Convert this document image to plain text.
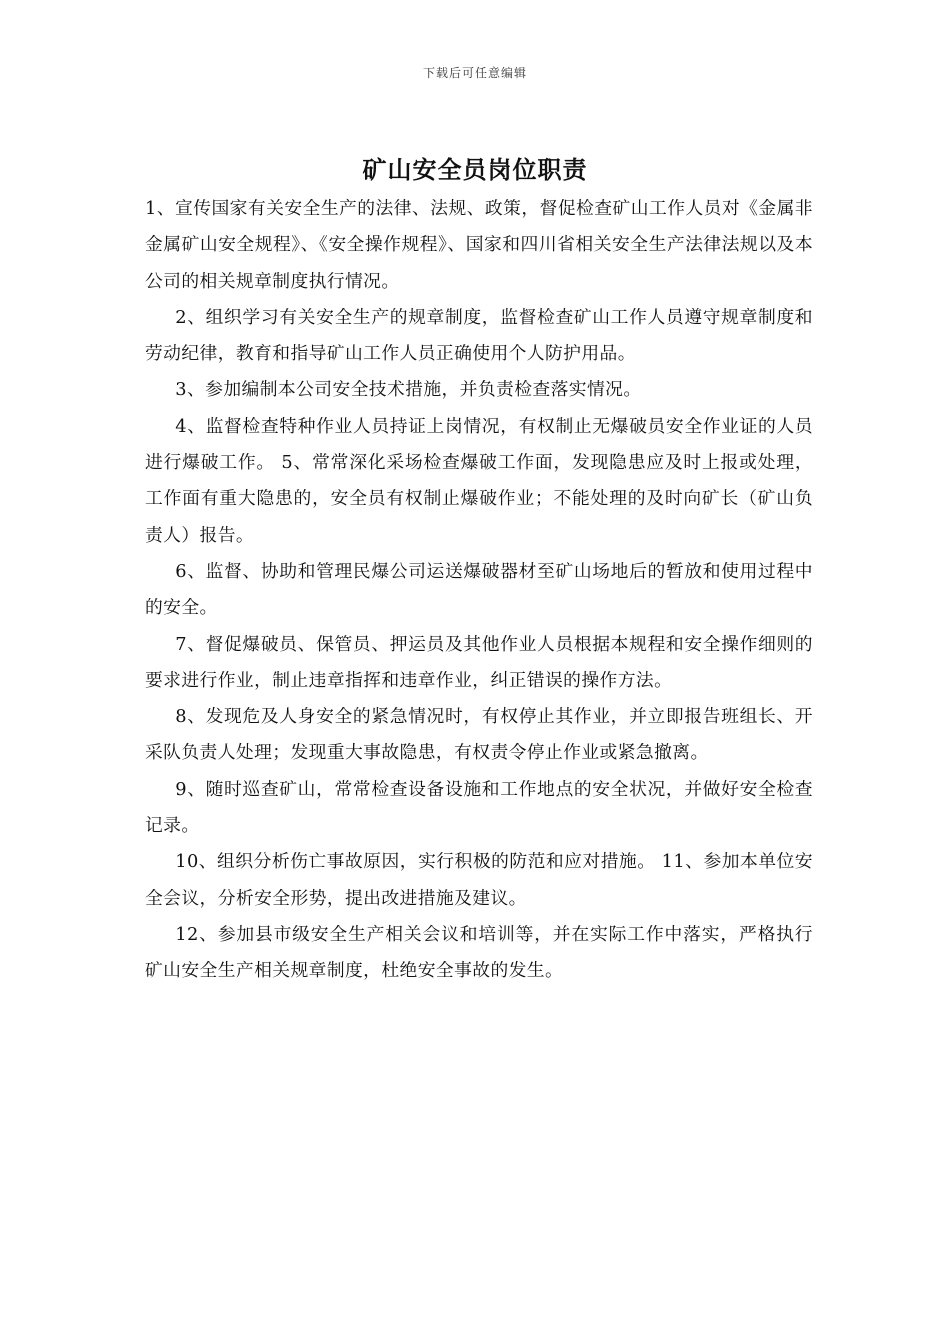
下载后可任意编辑
矿山安全员岗位职责

1、宣传国家有关安全生产的法律、法规、政策，督促检查矿山工作人员对《金属非金属矿山安全规程》、《安全操作规程》、国家和四川省相关安全生产法律法规以及本公司的相关规章制度执行情况。

2、组织学习有关安全生产的规章制度，监督检查矿山工作人员遵守规章制度和劳动纪律，教育和指导矿山工作人员正确使用个人防护用品。

3、参加编制本公司安全技术措施，并负责检查落实情况。

4、监督检查特种作业人员持证上岗情况，有权制止无爆破员安全作业证的人员进行爆破工作。 5、常常深化采场检查爆破工作面，发现隐患应及时上报或处理，工作面有重大隐患的，安全员有权制止爆破作业；不能处理的及时向矿长（矿山负责人）报告。

6、监督、协助和管理民爆公司运送爆破器材至矿山场地后的暂放和使用过程中的安全。

7、督促爆破员、保管员、押运员及其他作业人员根据本规程和安全操作细则的要求进行作业，制止违章指挥和违章作业，纠正错误的操作方法。

8、发现危及人身安全的紧急情况时，有权停止其作业，并立即报告班组长、开采队负责人处理；发现重大事故隐患，有权责令停止作业或紧急撤离。

9、随时巡查矿山，常常检查设备设施和工作地点的安全状况，并做好安全检查记录。

10、组织分析伤亡事故原因，实行积极的防范和应对措施。 11、参加本单位安全会议，分析安全形势，提出改进措施及建议。

12、参加县市级安全生产相关会议和培训等，并在实际工作中落实，严格执行矿山安全生产相关规章制度，杜绝安全事故的发生。
